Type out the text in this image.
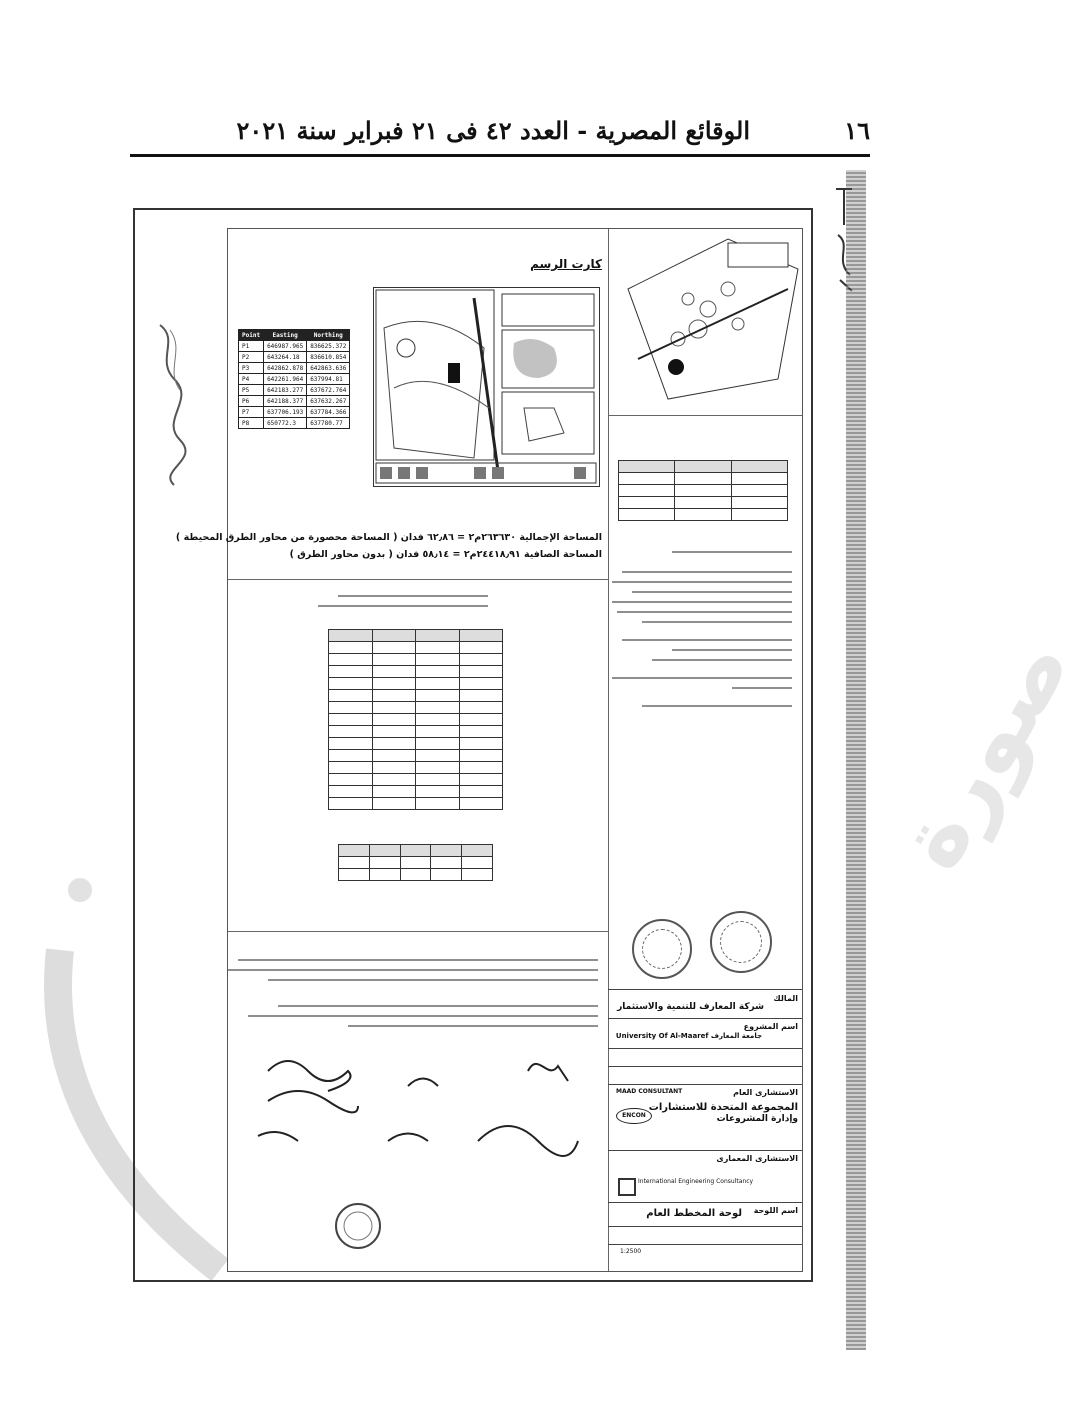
الوقائع المصرية - العدد ٤٢ فى ٢١ فبراير سنة ٢٠٢١	١٦
صورة
كارت الرسم
Point	Easting	Northing
P1	646987.965	836625.372
P2	643264.18	836610.854
P3	642862.878	642863.636
P4	642261.964	637994.81
P5	642183.277	637672.764
P6	642188.377	637632.267
P7	637706.193	637784.366
P8	650772.3	637780.77
المساحة الإجمالية ٢٦٣٦٣٠م٢ = ٦٢٫٨٦ فدان ( المساحة محصورة من محاور الطرق المحيطة )
المساحة الصافية ٢٤٤١٨٫٩١م٢ = ٥٨٫١٤ فدان ( بدون محاور الطرق )

المالك
شركة المعارف للتنمية والاستثمار
اسم المشروع
جامعة المعارف University Of Al-Maaref
الاستشارى العام
MAAD CONSULTANT
المجموعة المتحدة للاستشارات
وإدارة المشروعات
ENCON
الاستشارى المعمارى
International Engineering Consultancy
اسم اللوحة
لوحة المخطط العام
1:2500
